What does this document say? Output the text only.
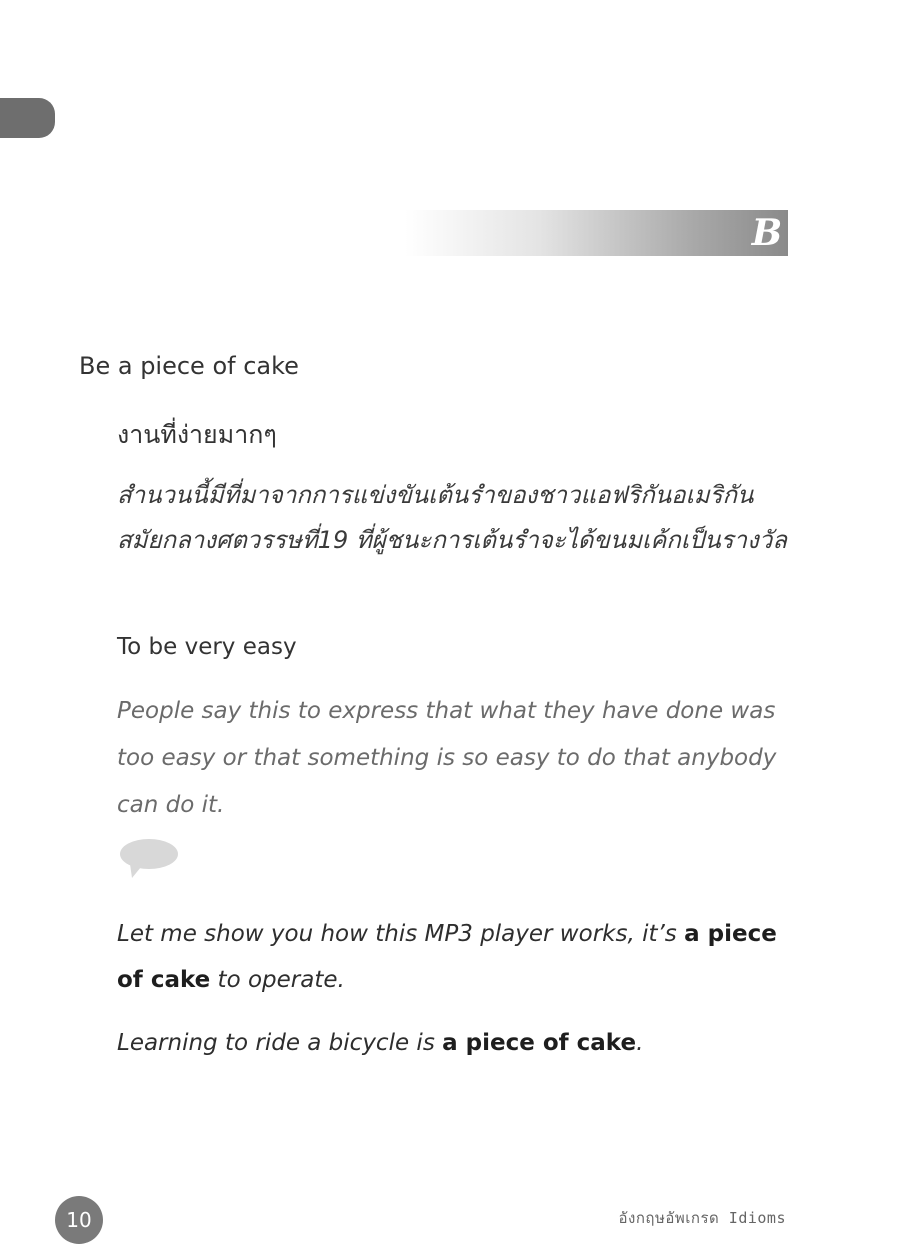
B
Be a piece of cake

งานที่ง่ายมากๆ

สำนวนนี้มีที่มาจากการแข่งขันเต้นรำของชาวแอฟริกันอเมริกัน สมัยกลางศตวรรษที่19 ที่ผู้ชนะการเต้นรำจะได้ขนมเค้กเป็นรางวัล

To be very easy

People say this to express that what they have done was too easy or that something is so easy to do that anybody can do it.

Let me show you how this MP3 player works, it’s a piece of cake to operate.

Learning to ride a bicycle is a piece of cake.

10	อังกฤษอัพเกรด Idioms
